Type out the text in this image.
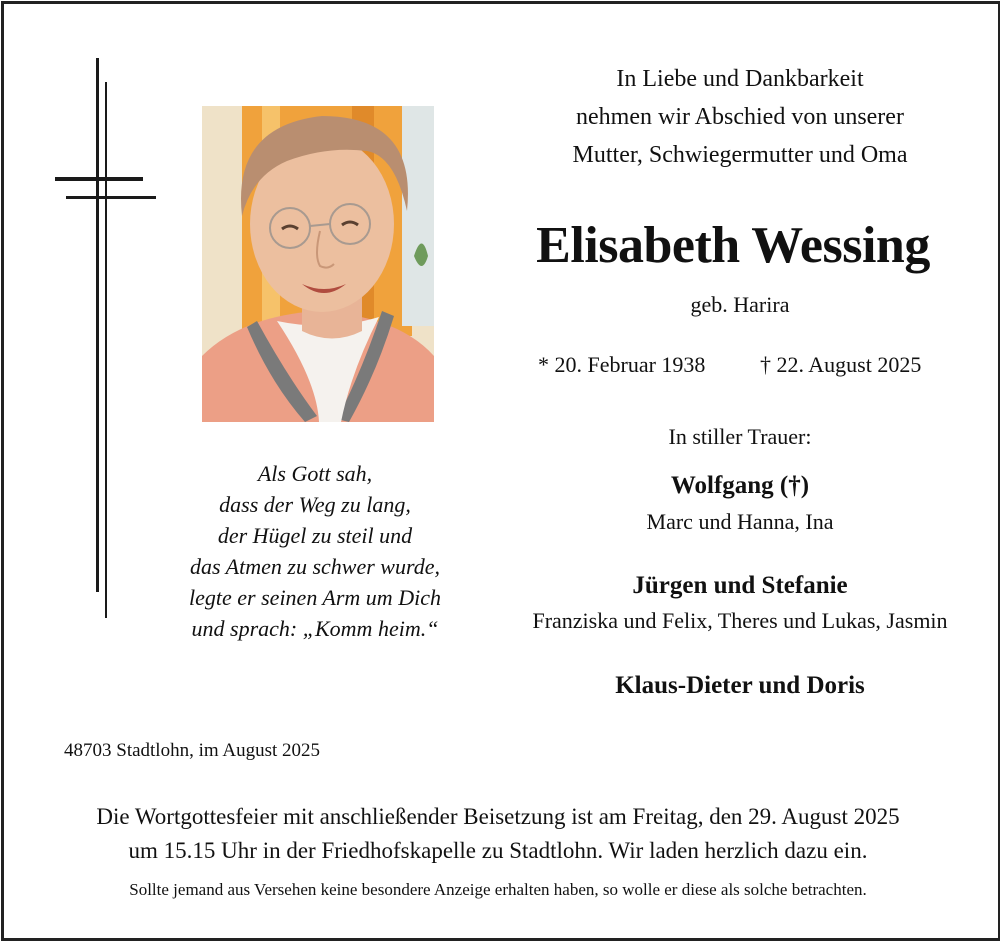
In Liebe und Dankbarkeit
nehmen wir Abschied von unserer
Mutter, Schwiegermutter und Oma
Elisabeth Wessing
geb. Harira
* 20. Februar 1938 † 22. August 2025
Als Gott sah,
dass der Weg zu lang,
der Hügel zu steil und
das Atmen zu schwer wurde,
legte er seinen Arm um Dich
und sprach: „Komm heim.“
In stiller Trauer:
Wolfgang (†)
Marc und Hanna, Ina
Jürgen und Stefanie
Franziska und Felix, Theres und Lukas, Jasmin
Klaus-Dieter und Doris
48703 Stadtlohn, im August 2025
Die Wortgottesfeier mit anschließender Beisetzung ist am Freitag, den 29. August 2025
um 15.15 Uhr in der Friedhofskapelle zu Stadtlohn. Wir laden herzlich dazu ein.
Sollte jemand aus Versehen keine besondere Anzeige erhalten haben, so wolle er diese als solche betrachten.
